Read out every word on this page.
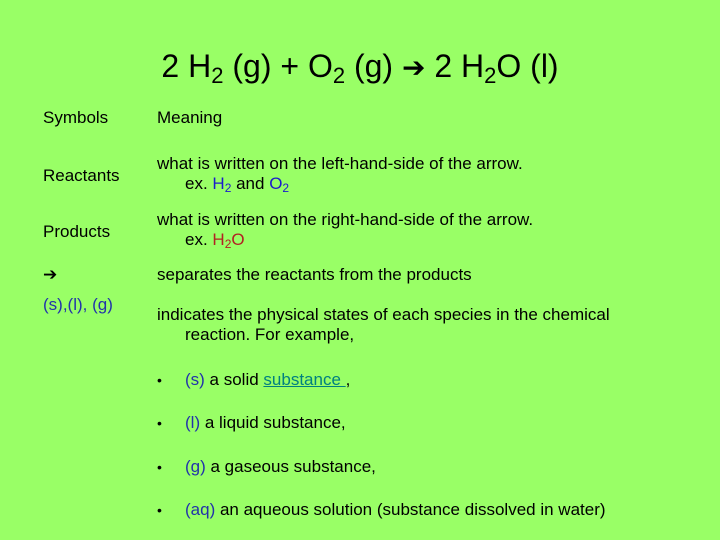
2 $H_2$ $(g) + O_2$ (g) ➔ 2 $H_2O$ (l)
Symbols	Meaning
Reactants
what is written on the left-hand-side of the arrow.
ex. $H_2$ and $O_2$
Products
what is written on the right-hand-side of the arrow.
ex. $H_2O$
➔	separates the reactants from the products
(s),(l), (g)
indicates the physical states of each species in the chemical
reaction. For example,
• (s) a solid substance ,
• (l) a liquid substance,
• (g) a gaseous substance,
• (aq) an aqueous solution (substance dissolved in water)
